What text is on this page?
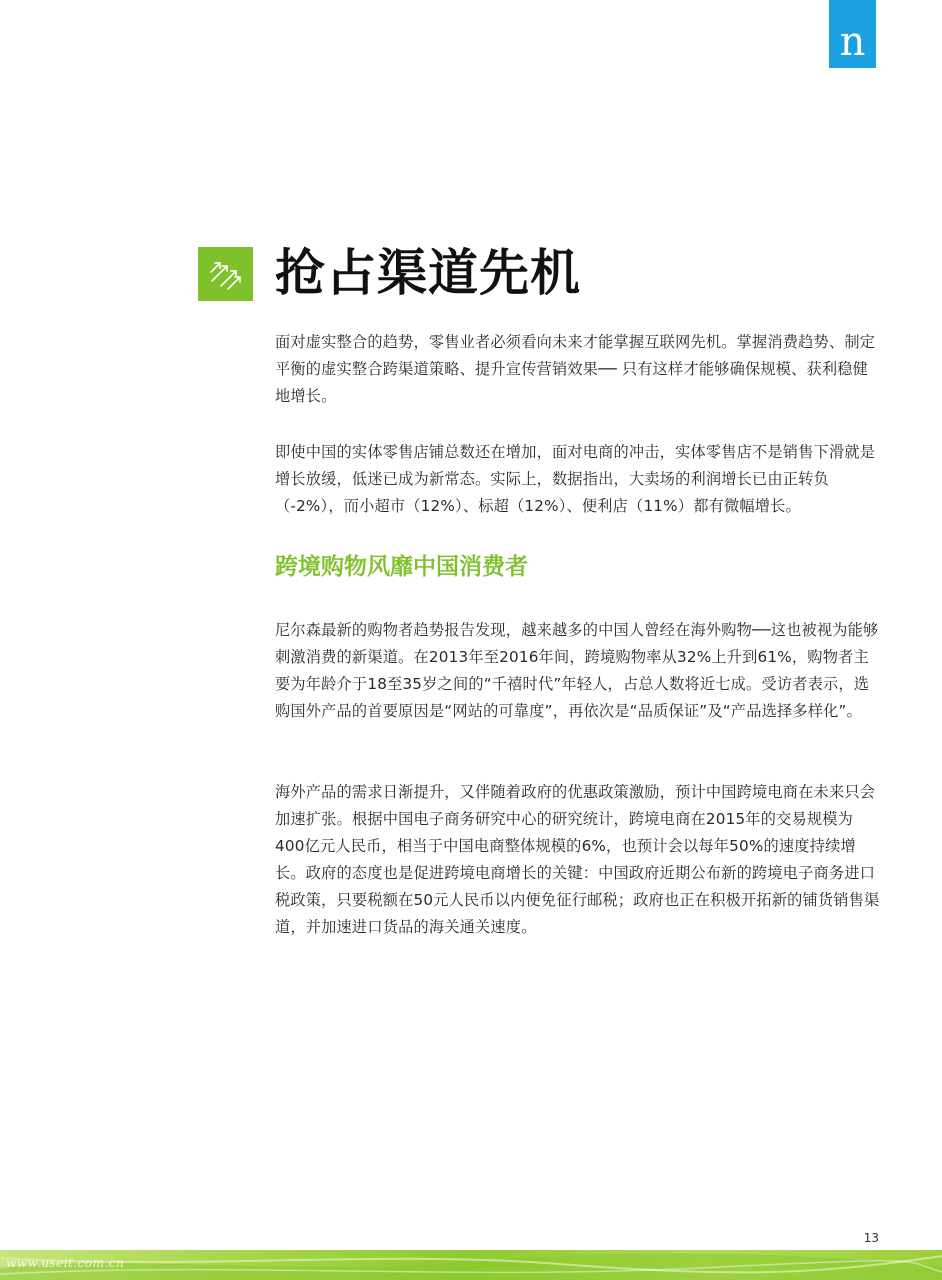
n
抢占渠道先机

面对虚实整合的趋势，零售业者必须看向未来才能掌握互联网先机。掌握消费趋势、制定平衡的虚实整合跨渠道策略、提升宣传营销效果── 只有这样才能够确保规模、获利稳健地增长。

即使中国的实体零售店铺总数还在增加，面对电商的冲击，实体零售店不是销售下滑就是增长放缓，低迷已成为新常态。实际上，数据指出，大卖场的利润增长已由正转负（-2%），而小超市（12%）、标超（12%）、便利店（11%）都有微幅增长。

跨境购物风靡中国消费者

尼尔森最新的购物者趋势报告发现，越来越多的中国人曾经在海外购物──这也被视为能够刺激消费的新渠道。在2013年至2016年间，跨境购物率从32%上升到61%，购物者主要为年龄介于18至35岁之间的“千禧时代”年轻人，占总人数将近七成。受访者表示，选购国外产品的首要原因是“网站的可靠度”，再依次是“品质保证”及“产品选择多样化”。

海外产品的需求日渐提升，又伴随着政府的优惠政策激励，预计中国跨境电商在未来只会加速扩张。根据中国电子商务研究中心的研究统计，跨境电商在2015年的交易规模为400亿元人民币，相当于中国电商整体规模的6%，也预计会以每年50%的速度持续增长。政府的态度也是促进跨境电商增长的关键：中国政府近期公布新的跨境电子商务进口税政策，只要税额在50元人民币以内便免征行邮税；政府也正在积极开拓新的铺货销售渠道，并加速进口货品的海关通关速度。

13
www.useit.com.cn
